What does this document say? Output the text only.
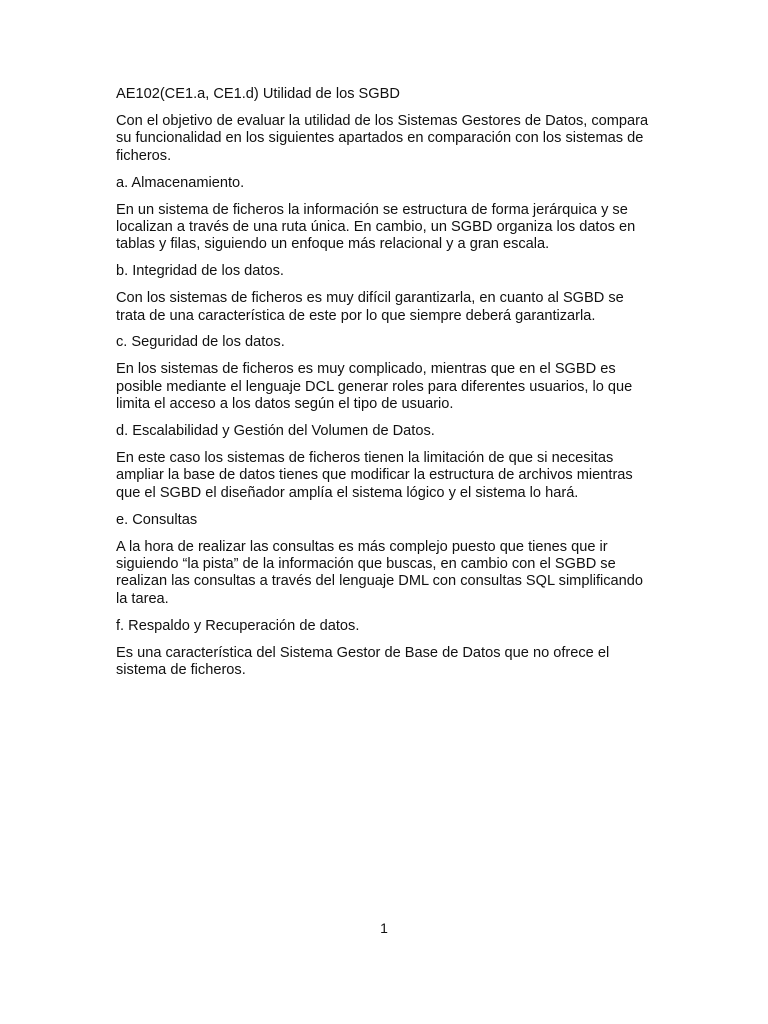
AE102(CE1.a, CE1.d) Utilidad de los SGBD

Con el objetivo de evaluar la utilidad de los Sistemas Gestores de Datos, compara su funcionalidad en los siguientes apartados en comparación con los sistemas de ficheros.

a. Almacenamiento.

En un sistema de ficheros la información se estructura de forma jerárquica y se localizan a través de una ruta única. En cambio, un SGBD organiza los datos en tablas y filas, siguiendo un enfoque más relacional y a gran escala.

b. Integridad de los datos.

Con los sistemas de ficheros es muy difícil garantizarla, en cuanto al SGBD se trata de una característica de este por lo que siempre deberá garantizarla.

c. Seguridad de los datos.

En los sistemas de ficheros es muy complicado, mientras que en el SGBD es posible mediante el lenguaje DCL generar roles para diferentes usuarios, lo que limita el acceso a los datos según el tipo de usuario.

d. Escalabilidad y Gestión del Volumen de Datos.

En este caso los sistemas de ficheros tienen la limitación de que si necesitas ampliar la base de datos tienes que modificar la estructura de archivos mientras que el SGBD el diseñador amplía el sistema lógico y el sistema lo hará.

e. Consultas

A la hora de realizar las consultas es más complejo puesto que tienes que ir siguiendo “la pista” de la información que buscas, en cambio con el SGBD se realizan las consultas a través del lenguaje DML con consultas SQL simplificando la tarea.

f. Respaldo y Recuperación de datos.

Es una característica del Sistema Gestor de Base de Datos que no ofrece el sistema de ficheros.

1
